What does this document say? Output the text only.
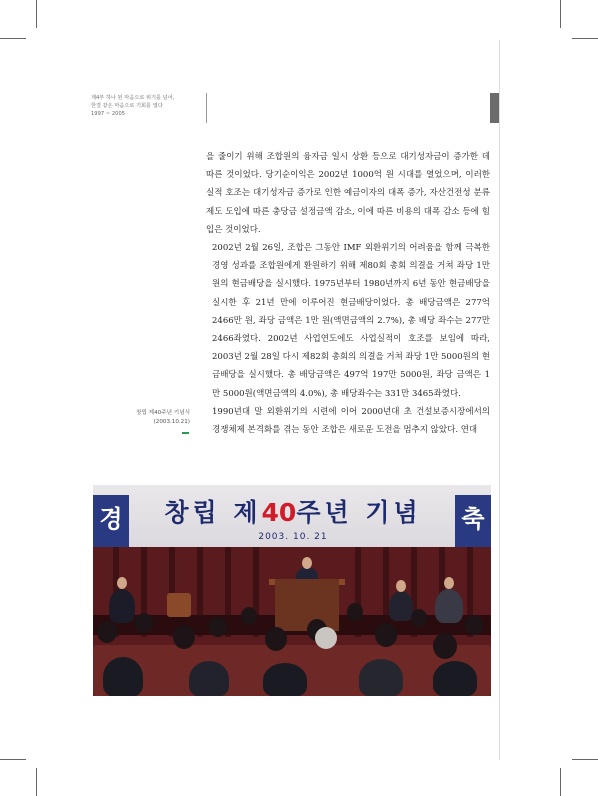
제4부 하나 된 마음으로 위기를 넘어,
한결 같은 마음으로 기회를 열다
1997 ~ 2005

을 줄이기 위해 조합원의 융자금 일시 상환 등으로 대기성자금이 증가한 데 따른 것이었다. 당기순이익은 2002년 1000억 원 시대를 열었으며, 이러한 실적 호조는 대기성자금 증가로 인한 예금이자의 대폭 증가, 자산건전성 분류제도 도입에 따른 충당금 설정금액 감소, 이에 따른 비용의 대폭 감소 등에 힘입은 것이었다.

2002년 2월 26일, 조합은 그동안 IMF 외환위기의 어려움을 함께 극복한 경영 성과를 조합원에게 환원하기 위해 제80회 총회 의결을 거쳐 좌당 1만 원의 현금배당을 실시했다. 1975년부터 1980년까지 6년 동안 현금배당을 실시한 후 21년 만에 이루어진 현금배당이었다. 총 배당금액은 277억 2466만 원, 좌당 금액은 1만 원(액면금액의 2.7%), 총 배당 좌수는 277만 2466좌였다. 2002년 사업연도에도 사업실적이 호조를 보임에 따라, 2003년 2월 28일 다시 제82회 총회의 의결을 거쳐 좌당 1만 5000원의 현금배당을 실시했다. 총 배당금액은 497억 197만 5000원, 좌당 금액은 1만 5000원(액면금액의 4.0%), 총 배당좌수는 331만 3465좌였다.

1990년대 말 외환위기의 시련에 이어 2000년대 초 건설보증시장에서의 경쟁체제 본격화를 겪는 동안 조합은 새로운 도전을 멈추지 않았다. 연대

창립 제40주년 기념식
(2003.10.21)
경 창립 제40주년 기념
2003. 10. 21
축
